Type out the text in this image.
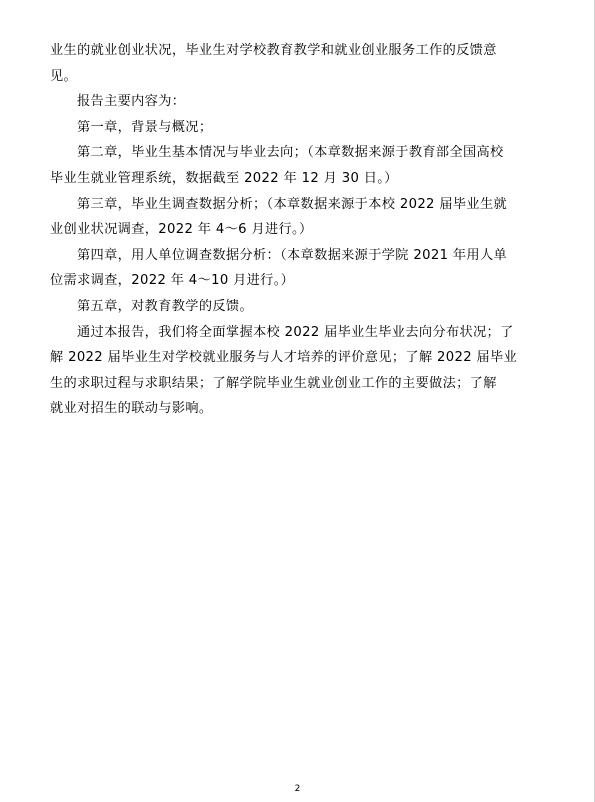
业生的就业创业状况，毕业生对学校教育教学和就业创业服务工作的反馈意
见。
报告主要内容为：
第一章，背景与概况；
第二章，毕业生基本情况与毕业去向；（本章数据来源于教育部全国高校
毕业生就业管理系统，数据截至 2022 年 12 月 30 日。）
第三章，毕业生调查数据分析；（本章数据来源于本校 2022 届毕业生就
业创业状况调查，2022 年 4～6 月进行。）
第四章，用人单位调查数据分析：（本章数据来源于学院 2021 年用人单
位需求调查，2022 年 4～10 月进行。）
第五章，对教育教学的反馈。
通过本报告，我们将全面掌握本校 2022 届毕业生毕业去向分布状况；了
解 2022 届毕业生对学校就业服务与人才培养的评价意见；了解 2022 届毕业
生的求职过程与求职结果；了解学院毕业生就业创业工作的主要做法；了解
就业对招生的联动与影响。
2
